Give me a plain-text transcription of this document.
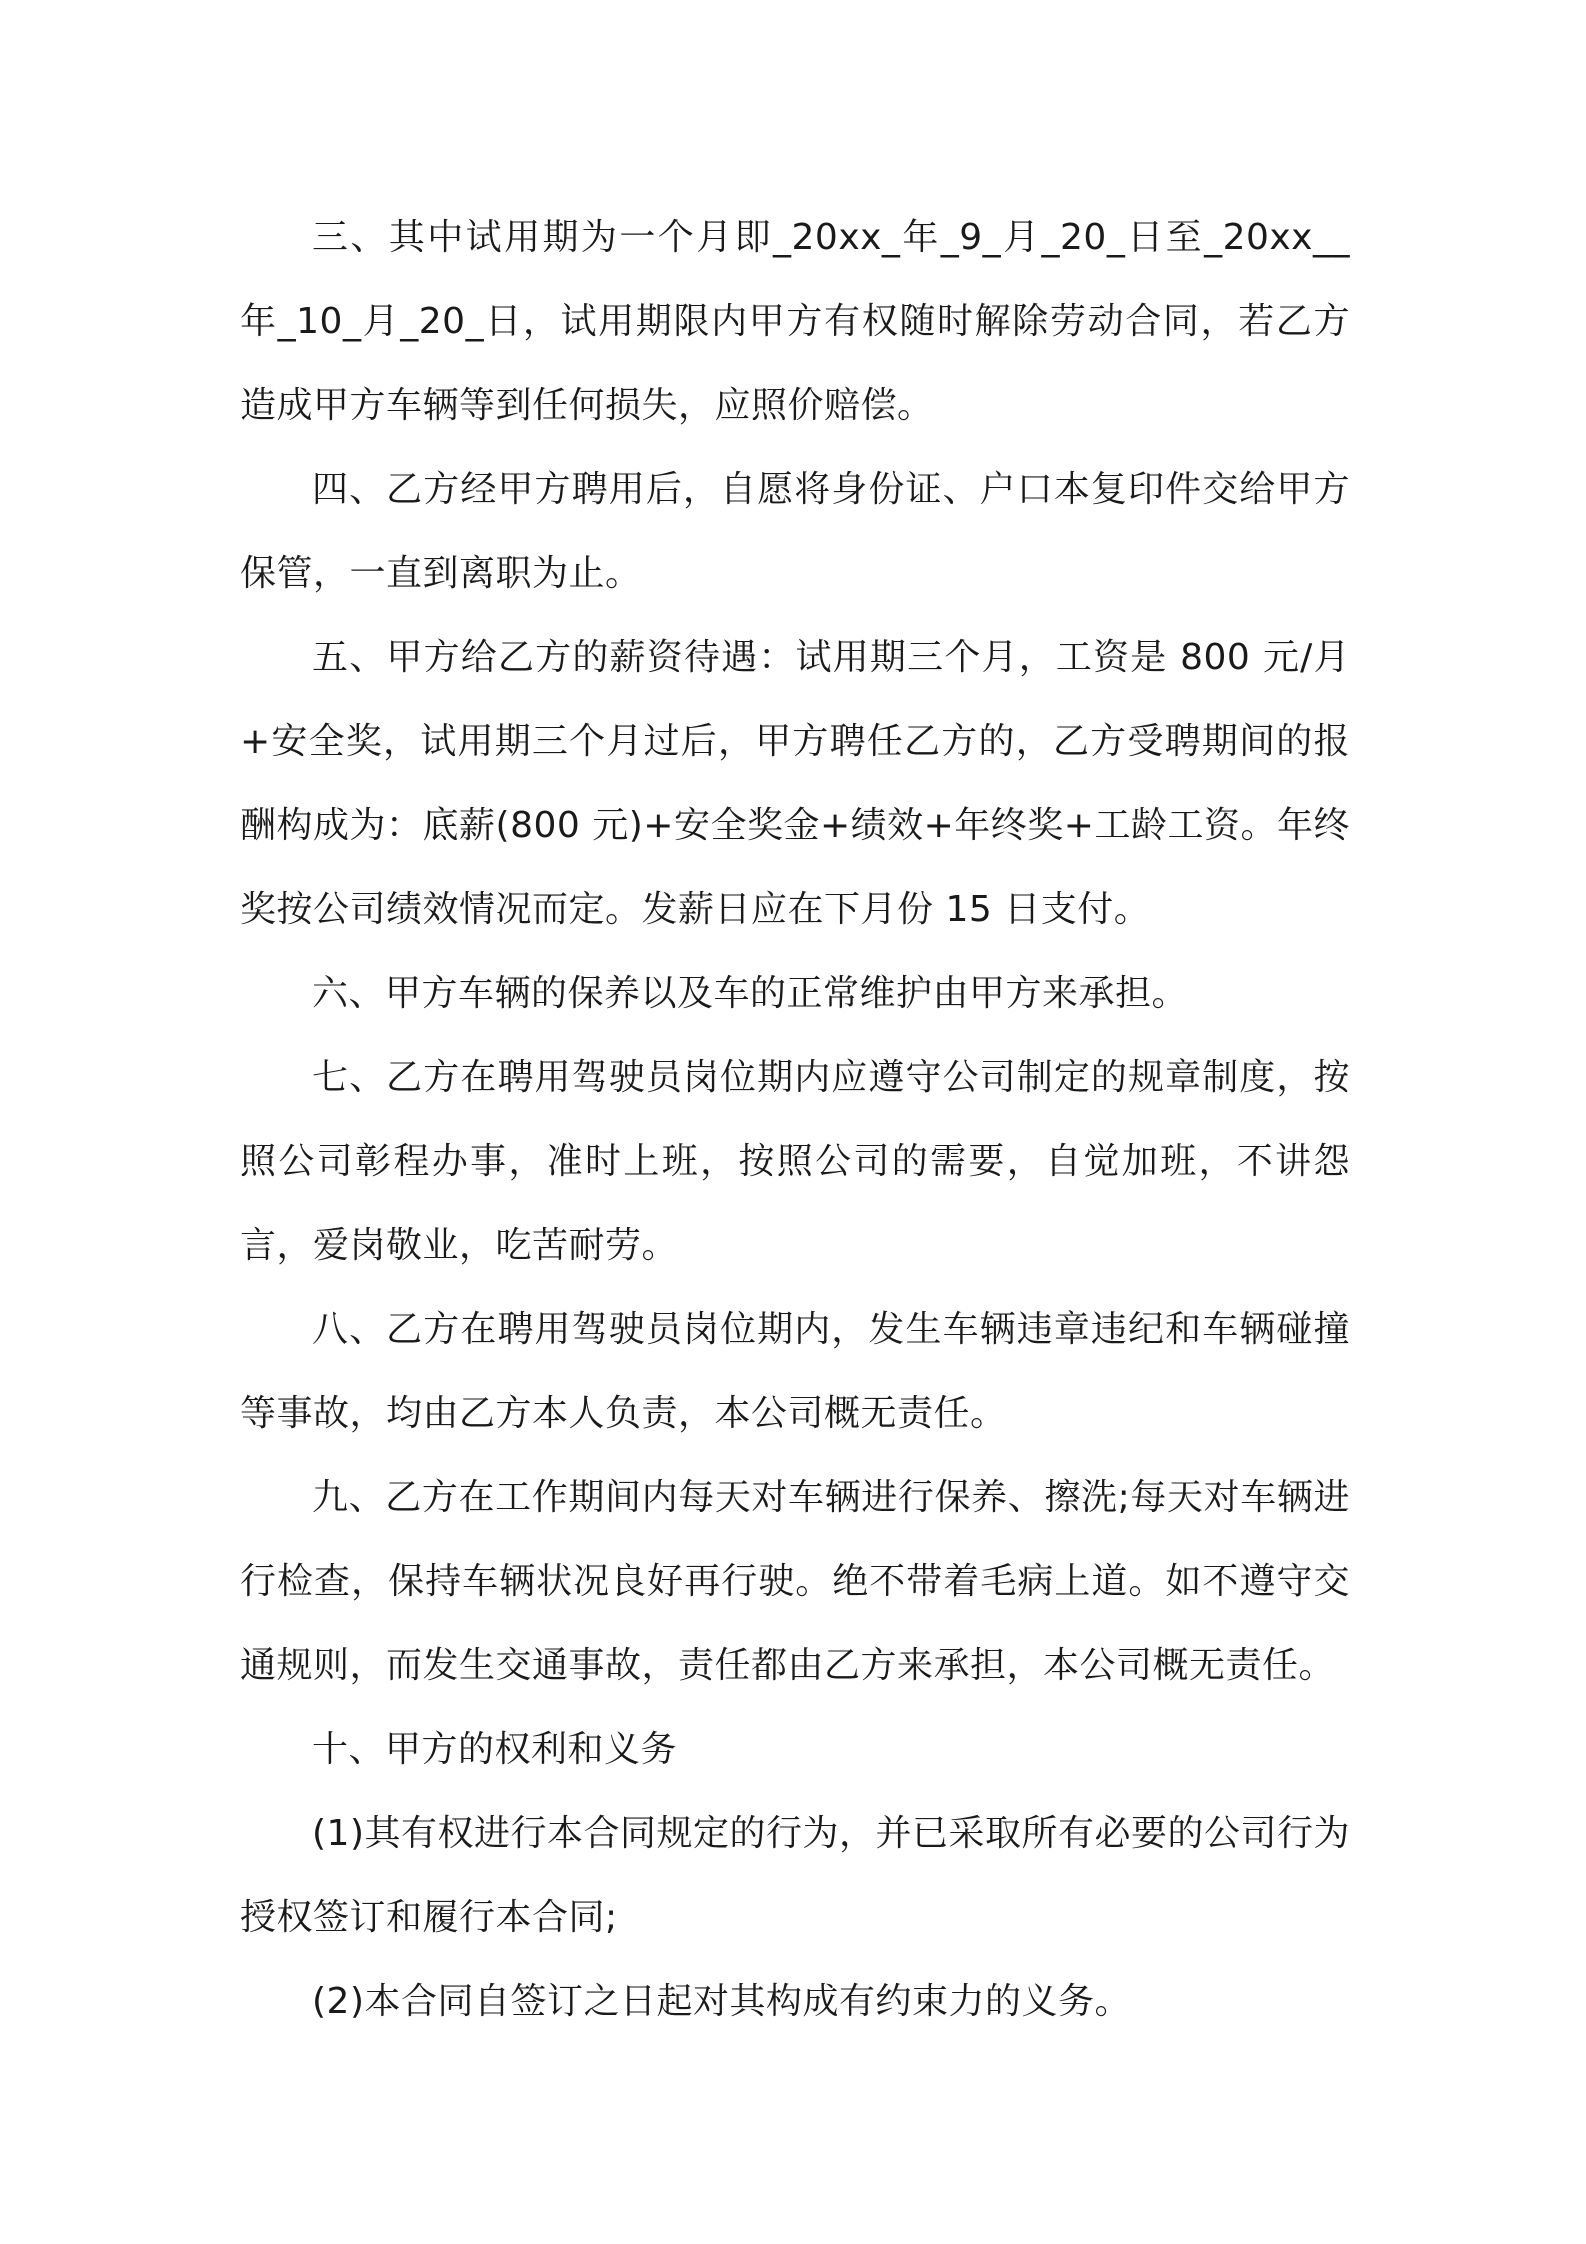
三、其中试用期为一个月即_20xx_年_9_月_20_日至_20xx__年_10_月_20_日，试用期限内甲方有权随时解除劳动合同，若乙方造成甲方车辆等到任何损失，应照价赔偿。

四、乙方经甲方聘用后，自愿将身份证、户口本复印件交给甲方保管，一直到离职为止。

五、甲方给乙方的薪资待遇：试用期三个月，工资是 800 元/月+安全奖，试用期三个月过后，甲方聘任乙方的，乙方受聘期间的报酬构成为：底薪(800 元)+安全奖金+绩效+年终奖+工龄工资。年终奖按公司绩效情况而定。发薪日应在下月份 15 日支付。

六、甲方车辆的保养以及车的正常维护由甲方来承担。

七、乙方在聘用驾驶员岗位期内应遵守公司制定的规章制度，按照公司彰程办事，准时上班，按照公司的需要，自觉加班，不讲怨言，爱岗敬业，吃苦耐劳。

八、乙方在聘用驾驶员岗位期内，发生车辆违章违纪和车辆碰撞等事故，均由乙方本人负责，本公司概无责任。

九、乙方在工作期间内每天对车辆进行保养、擦洗;每天对车辆进行检查，保持车辆状况良好再行驶。绝不带着毛病上道。如不遵守交通规则，而发生交通事故，责任都由乙方来承担，本公司概无责任。

十、甲方的权利和义务

(1)其有权进行本合同规定的行为，并已采取所有必要的公司行为授权签订和履行本合同;

(2)本合同自签订之日起对其构成有约束力的义务。
